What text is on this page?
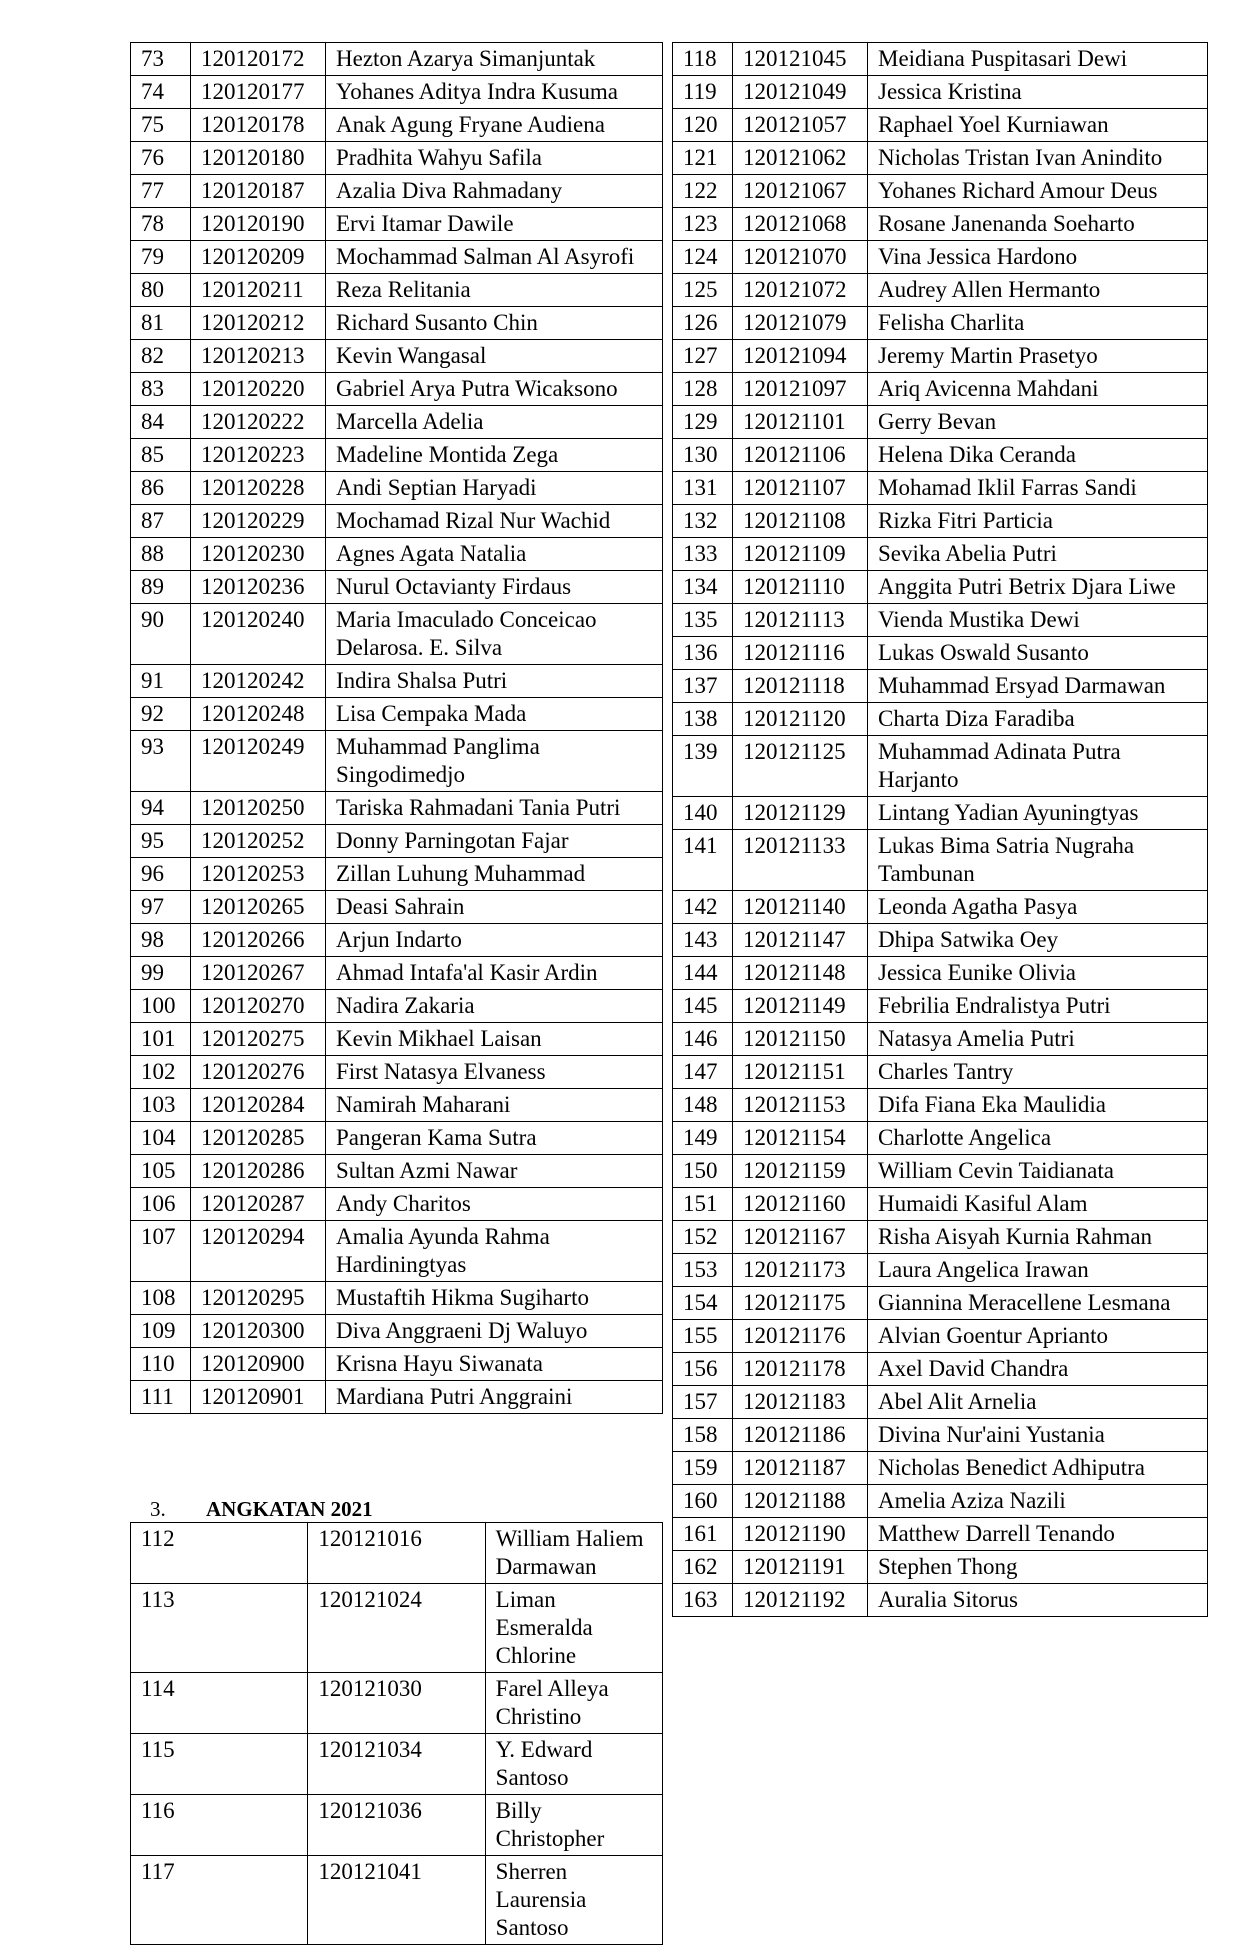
73	120120172	Hezton Azarya Simanjuntak
74	120120177	Yohanes Aditya Indra Kusuma
75	120120178	Anak Agung Fryane Audiena
76	120120180	Pradhita Wahyu Safila
77	120120187	Azalia Diva Rahmadany
78	120120190	Ervi Itamar Dawile
79	120120209	Mochammad Salman Al Asyrofi
80	120120211	Reza Relitania
81	120120212	Richard Susanto Chin
82	120120213	Kevin Wangasal
83	120120220	Gabriel Arya Putra Wicaksono
84	120120222	Marcella Adelia
85	120120223	Madeline Montida Zega
86	120120228	Andi Septian Haryadi
87	120120229	Mochamad Rizal Nur Wachid
88	120120230	Agnes Agata Natalia
89	120120236	Nurul Octavianty Firdaus
90	120120240	Maria Imaculado Conceicao Delarosa. E. Silva
91	120120242	Indira Shalsa Putri
92	120120248	Lisa Cempaka Mada
93	120120249	Muhammad Panglima Singodimedjo
94	120120250	Tariska Rahmadani Tania Putri
95	120120252	Donny Parningotan Fajar
96	120120253	Zillan Luhung Muhammad
97	120120265	Deasi Sahrain
98	120120266	Arjun Indarto
99	120120267	Ahmad Intafa'al Kasir Ardin
100	120120270	Nadira Zakaria
101	120120275	Kevin Mikhael Laisan
102	120120276	First Natasya Elvaness
103	120120284	Namirah Maharani
104	120120285	Pangeran Kama Sutra
105	120120286	Sultan Azmi Nawar
106	120120287	Andy Charitos
107	120120294	Amalia Ayunda Rahma Hardiningtyas
108	120120295	Mustaftih Hikma Sugiharto
109	120120300	Diva Anggraeni Dj Waluyo
110	120120900	Krisna Hayu Siwanata
111	120120901	Mardiana Putri Anggraini
3. ANGKATAN 2021
112	120121016	William Haliem Darmawan
113	120121024	Liman Esmeralda Chlorine
114	120121030	Farel Alleya Christino
115	120121034	Y. Edward Santoso
116	120121036	Billy Christopher
117	120121041	Sherren Laurensia Santoso
118	120121045	Meidiana Puspitasari Dewi
119	120121049	Jessica Kristina
120	120121057	Raphael Yoel Kurniawan
121	120121062	Nicholas Tristan Ivan Anindito
122	120121067	Yohanes Richard Amour Deus
123	120121068	Rosane Janenanda Soeharto
124	120121070	Vina Jessica Hardono
125	120121072	Audrey Allen Hermanto
126	120121079	Felisha Charlita
127	120121094	Jeremy Martin Prasetyo
128	120121097	Ariq Avicenna Mahdani
129	120121101	Gerry Bevan
130	120121106	Helena Dika Ceranda
131	120121107	Mohamad Iklil Farras Sandi
132	120121108	Rizka Fitri Particia
133	120121109	Sevika Abelia Putri
134	120121110	Anggita Putri Betrix Djara Liwe
135	120121113	Vienda Mustika Dewi
136	120121116	Lukas Oswald Susanto
137	120121118	Muhammad Ersyad Darmawan
138	120121120	Charta Diza Faradiba
139	120121125	Muhammad Adinata Putra Harjanto
140	120121129	Lintang Yadian Ayuningtyas
141	120121133	Lukas Bima Satria Nugraha Tambunan
142	120121140	Leonda Agatha Pasya
143	120121147	Dhipa Satwika Oey
144	120121148	Jessica Eunike Olivia
145	120121149	Febrilia Endralistya Putri
146	120121150	Natasya Amelia Putri
147	120121151	Charles Tantry
148	120121153	Difa Fiana Eka Maulidia
149	120121154	Charlotte Angelica
150	120121159	William Cevin Taidianata
151	120121160	Humaidi Kasiful Alam
152	120121167	Risha Aisyah Kurnia Rahman
153	120121173	Laura Angelica Irawan
154	120121175	Giannina Meracellene Lesmana
155	120121176	Alvian Goentur Aprianto
156	120121178	Axel David Chandra
157	120121183	Abel Alit Arnelia
158	120121186	Divina Nur'aini Yustania
159	120121187	Nicholas Benedict Adhiputra
160	120121188	Amelia Aziza Nazili
161	120121190	Matthew Darrell Tenando
162	120121191	Stephen Thong
163	120121192	Auralia Sitorus
